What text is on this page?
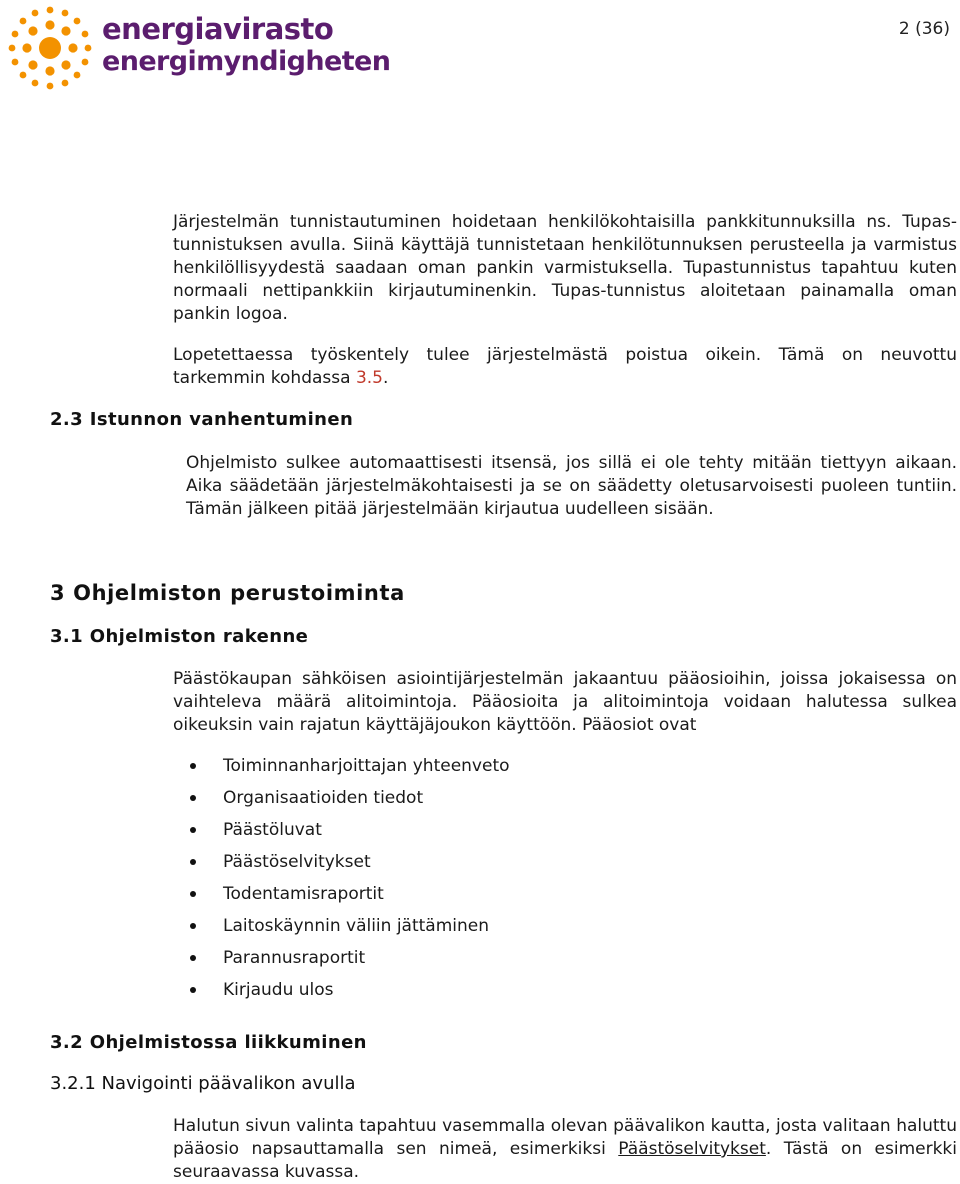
energiavirasto
energimyndigheten
2 (36)

Järjestelmän tunnistautuminen hoidetaan henkilökohtaisilla pankkitunnuksilla ns. Tupas-tunnistuksen avulla. Siinä käyttäjä tunnistetaan henkilötunnuksen perusteella ja varmistus henkilöllisyydestä saadaan oman pankin varmistuksella. Tupastunnistus tapahtuu kuten normaali nettipankkiin kirjautuminenkin. Tupas-tunnistus aloitetaan painamalla oman pankin logoa.

Lopetettaessa työskentely tulee järjestelmästä poistua oikein. Tämä on neuvottu tarkemmin kohdassa 3.5.

2.3 Istunnon vanhentuminen

Ohjelmisto sulkee automaattisesti itsensä, jos sillä ei ole tehty mitään tiettyyn aikaan. Aika säädetään järjestelmäkohtaisesti ja se on säädetty oletusarvoisesti puoleen tuntiin. Tämän jälkeen pitää järjestelmään kirjautua uudelleen sisään.

3 Ohjelmiston perustoiminta
3.1 Ohjelmiston rakenne

Päästökaupan sähköisen asiointijärjestelmän jakaantuu pääosioihin, joissa jokaisessa on vaihteleva määrä alitoimintoja. Pääosioita ja alitoimintoja voidaan halutessa sulkea oikeuksin vain rajatun käyttäjäjoukon käyttöön. Pääosiot ovat

Toiminnanharjoittajan yhteenveto
Organisaatioiden tiedot
Päästöluvat
Päästöselvitykset
Todentamisraportit
Laitoskäynnin väliin jättäminen
Parannusraportit
Kirjaudu ulos
3.2 Ohjelmistossa liikkuminen
3.2.1 Navigointi päävalikon avulla

Halutun sivun valinta tapahtuu vasemmalla olevan päävalikon kautta, josta valitaan haluttu pääosio napsauttamalla sen nimeä, esimerkiksi Päästöselvitykset. Tästä on esimerkki seuraavassa kuvassa.
